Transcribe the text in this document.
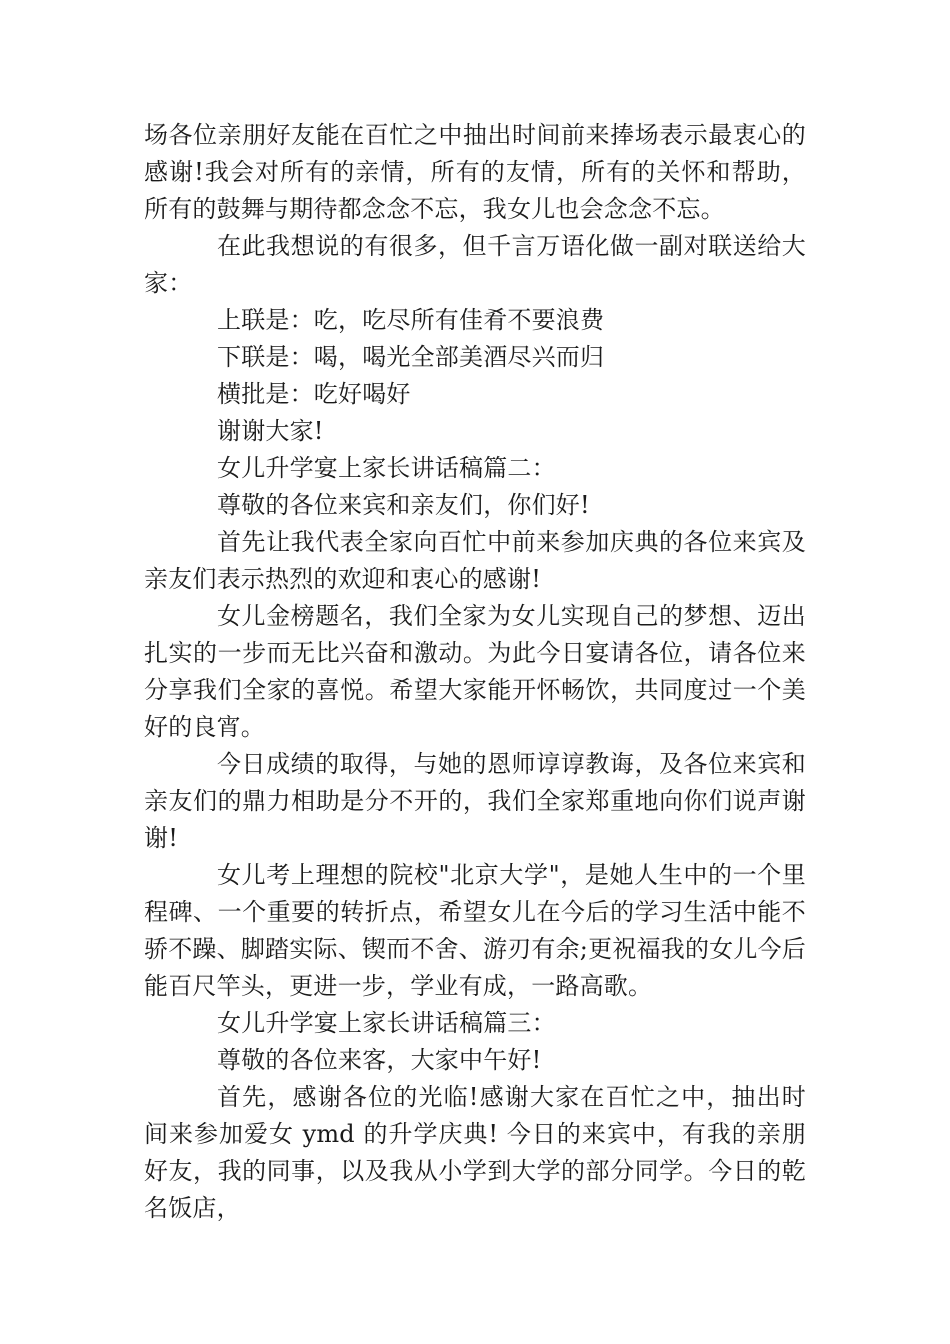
场各位亲朋好友能在百忙之中抽出时间前来捧场表示最衷心的感谢!我会对所有的亲情，所有的友情，所有的关怀和帮助，所有的鼓舞与期待都念念不忘，我女儿也会念念不忘。

在此我想说的有很多，但千言万语化做一副对联送给大家：

上联是：吃，吃尽所有佳肴不要浪费

下联是：喝，喝光全部美酒尽兴而归

横批是：吃好喝好

谢谢大家!

女儿升学宴上家长讲话稿篇二：

尊敬的各位来宾和亲友们，你们好!

首先让我代表全家向百忙中前来参加庆典的各位来宾及亲友们表示热烈的欢迎和衷心的感谢!

女儿金榜题名，我们全家为女儿实现自己的梦想、迈出扎实的一步而无比兴奋和激动。为此今日宴请各位，请各位来分享我们全家的喜悦。希望大家能开怀畅饮，共同度过一个美好的良宵。

今日成绩的取得，与她的恩师谆谆教诲，及各位来宾和亲友们的鼎力相助是分不开的，我们全家郑重地向你们说声谢谢!

女儿考上理想的院校"北京大学"，是她人生中的一个里程碑、一个重要的转折点，希望女儿在今后的学习生活中能不骄不躁、脚踏实际、锲而不舍、游刃有余;更祝福我的女儿今后能百尺竿头，更进一步，学业有成，一路高歌。

女儿升学宴上家长讲话稿篇三：

尊敬的各位来客，大家中午好!

首先，感谢各位的光临!感谢大家在百忙之中，抽出时间来参加爱女 ymd 的升学庆典! 今日的来宾中，有我的亲朋好友，我的同事，以及我从小学到大学的部分同学。今日的乾名饭店，
